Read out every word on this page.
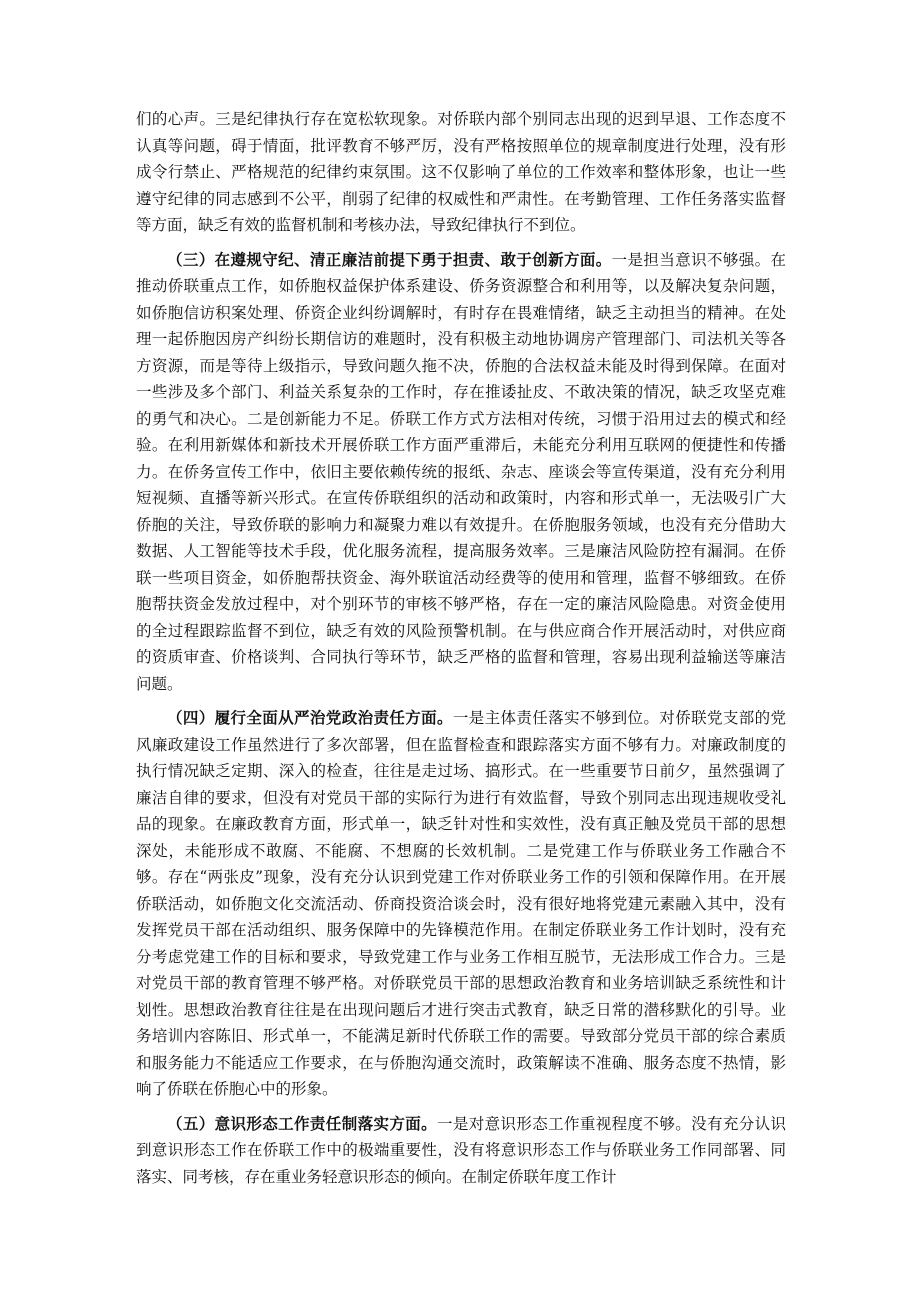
们的心声。三是纪律执行存在宽松软现象。对侨联内部个别同志出现的迟到早退、工作态度不认真等问题，碍于情面，批评教育不够严厉，没有严格按照单位的规章制度进行处理，没有形成令行禁止、严格规范的纪律约束氛围。这不仅影响了单位的工作效率和整体形象，也让一些遵守纪律的同志感到不公平，削弱了纪律的权威性和严肃性。在考勤管理、工作任务落实监督等方面，缺乏有效的监督机制和考核办法，导致纪律执行不到位。

（三）在遵规守纪、清正廉洁前提下勇于担责、敢于创新方面。一是担当意识不够强。在推动侨联重点工作，如侨胞权益保护体系建设、侨务资源整合和利用等，以及解决复杂问题，如侨胞信访积案处理、侨资企业纠纷调解时，有时存在畏难情绪，缺乏主动担当的精神。在处理一起侨胞因房产纠纷长期信访的难题时，没有积极主动地协调房产管理部门、司法机关等各方资源，而是等待上级指示，导致问题久拖不决，侨胞的合法权益未能及时得到保障。在面对一些涉及多个部门、利益关系复杂的工作时，存在推诿扯皮、不敢决策的情况，缺乏攻坚克难的勇气和决心。二是创新能力不足。侨联工作方式方法相对传统，习惯于沿用过去的模式和经验。在利用新媒体和新技术开展侨联工作方面严重滞后，未能充分利用互联网的便捷性和传播力。在侨务宣传工作中，依旧主要依赖传统的报纸、杂志、座谈会等宣传渠道，没有充分利用短视频、直播等新兴形式。在宣传侨联组织的活动和政策时，内容和形式单一，无法吸引广大侨胞的关注，导致侨联的影响力和凝聚力难以有效提升。在侨胞服务领域，也没有充分借助大数据、人工智能等技术手段，优化服务流程，提高服务效率。三是廉洁风险防控有漏洞。在侨联一些项目资金，如侨胞帮扶资金、海外联谊活动经费等的使用和管理，监督不够细致。在侨胞帮扶资金发放过程中，对个别环节的审核不够严格，存在一定的廉洁风险隐患。对资金使用的全过程跟踪监督不到位，缺乏有效的风险预警机制。在与供应商合作开展活动时，对供应商的资质审查、价格谈判、合同执行等环节，缺乏严格的监督和管理，容易出现利益输送等廉洁问题。

（四）履行全面从严治党政治责任方面。一是主体责任落实不够到位。对侨联党支部的党风廉政建设工作虽然进行了多次部署，但在监督检查和跟踪落实方面不够有力。对廉政制度的执行情况缺乏定期、深入的检查，往往是走过场、搞形式。在一些重要节日前夕，虽然强调了廉洁自律的要求，但没有对党员干部的实际行为进行有效监督，导致个别同志出现违规收受礼品的现象。在廉政教育方面，形式单一，缺乏针对性和实效性，没有真正触及党员干部的思想深处，未能形成不敢腐、不能腐、不想腐的长效机制。二是党建工作与侨联业务工作融合不够。存在“两张皮”现象，没有充分认识到党建工作对侨联业务工作的引领和保障作用。在开展侨联活动，如侨胞文化交流活动、侨商投资洽谈会时，没有很好地将党建元素融入其中，没有发挥党员干部在活动组织、服务保障中的先锋模范作用。在制定侨联业务工作计划时，没有充分考虑党建工作的目标和要求，导致党建工作与业务工作相互脱节，无法形成工作合力。三是对党员干部的教育管理不够严格。对侨联党员干部的思想政治教育和业务培训缺乏系统性和计划性。思想政治教育往往是在出现问题后才进行突击式教育，缺乏日常的潜移默化的引导。业务培训内容陈旧、形式单一，不能满足新时代侨联工作的需要。导致部分党员干部的综合素质和服务能力不能适应工作要求，在与侨胞沟通交流时，政策解读不准确、服务态度不热情，影响了侨联在侨胞心中的形象。

（五）意识形态工作责任制落实方面。一是对意识形态工作重视程度不够。没有充分认识到意识形态工作在侨联工作中的极端重要性，没有将意识形态工作与侨联业务工作同部署、同落实、同考核，存在重业务轻意识形态的倾向。在制定侨联年度工作计
